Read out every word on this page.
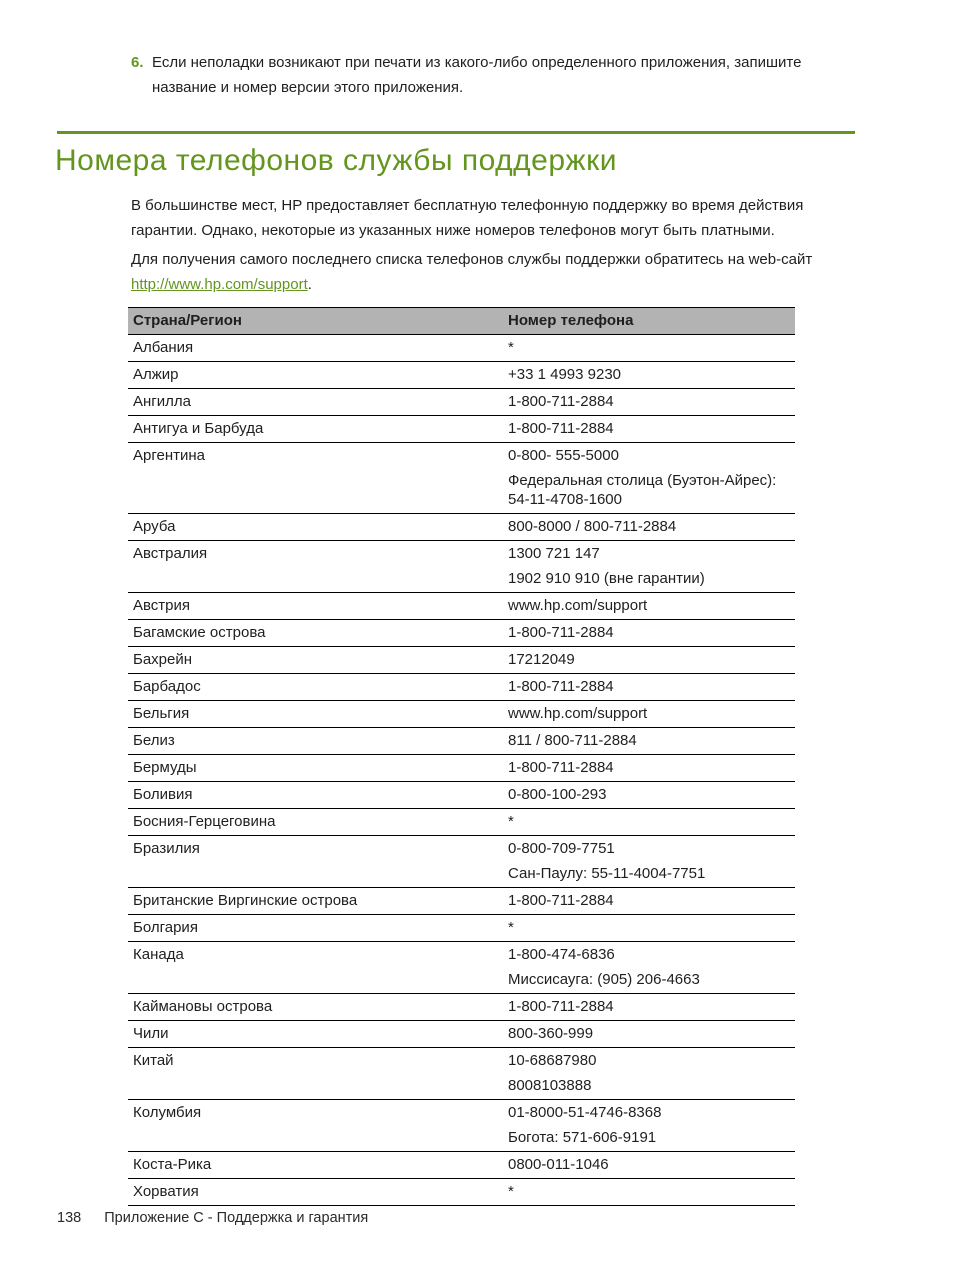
6. Если неполадки возникают при печати из какого-либо определенного приложения, запишите
название и номер версии этого приложения.
Номера телефонов службы поддержки
В большинстве мест, HP предоставляет бесплатную телефонную поддержку во время действия
гарантии. Однако, некоторые из указанных ниже номеров телефонов могут быть платными.
Для получения самого последнего списка телефонов службы поддержки обратитесь на web-сайт
http://www.hp.com/support.
Страна/Регион	Номер телефона
Албания	*
Алжир	+33 1 4993 9230
Ангилла	1-800-711-2884
Антигуа и Барбуда	1-800-711-2884
Аргентина	0-800- 555-5000
Федеральная столица (Буэтон-Айрес): 54-11-4708-1600
Аруба	800-8000 / 800-711-2884
Австралия	1300 721 147
1902 910 910 (вне гарантии)
Австрия	www.hp.com/support
Багамские острова	1-800-711-2884
Бахрейн	17212049
Барбадос	1-800-711-2884
Бельгия	www.hp.com/support
Белиз	811 / 800-711-2884
Бермуды	1-800-711-2884
Боливия	0-800-100-293
Босния-Герцеговина	*
Бразилия	0-800-709-7751
Сан-Паулу: 55-11-4004-7751
Британские Виргинские острова	1-800-711-2884
Болгария	*
Канада	1-800-474-6836
Миссисауга: (905) 206-4663
Каймановы острова	1-800-711-2884
Чили	800-360-999
Китай	10-68687980
8008103888
Колумбия	01-8000-51-4746-8368
Богота: 571-606-9191
Коста-Рика	0800-011-1046
Хорватия	*
138 Приложение C - Поддержка и гарантия
